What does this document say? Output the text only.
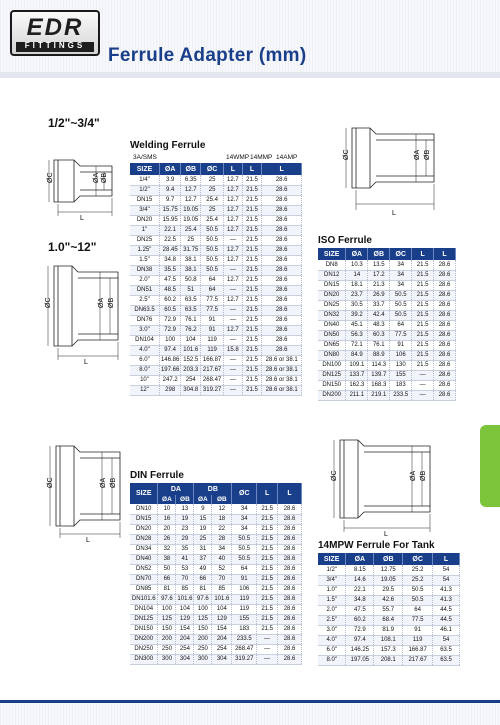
EDR
FITTINGS	Ferrule Adapter (mm)
1/2"~3/4"
1.0"~12"
ØC	ØA ØB
L
ØC	ØA ØB
L
ØC	ØA ØB
L
ØC	ØA ØB
L
ØC	ØA ØB
L
Welding Ferrule
3A/SMS	14WMP 14MMP 14AMP
SIZE	ØA	ØB	ØC	L	L	L
1/4"	3.9	6.35	25	12.7	21.5	28.6
1/2"	9.4	12.7	25	12.7	21.5	28.6
DN15	9.7	12.7	25.4	12.7	21.5	28.6
3/4"	15.75	19.05	25	12.7	21.5	28.6
DN20	15.95	19.05	25.4	12.7	21.5	28.6
1"	22.1	25.4	50.5	12.7	21.5	28.6
DN25	22.5	25	50.5	—	21.5	28.6
1.25"	28.45	31.75	50.5	12.7	21.5	28.6
1.5"	34.8	38.1	50.5	12.7	21.5	28.6
DN38	35.5	38.1	50.5	—	21.5	28.6
2.0"	47.5	50.8	64	12.7	21.5	28.6
DN51	48.5	51	64	—	21.5	28.6
2.5"	60.2	63.5	77.5	12.7	21.5	28.6
DN63.5	60.5	63.5	77.5	—	21.5	28.6
DN76	72.9	76.1	91	—	21.5	28.6
3.0"	72.9	76.2	91	12.7	21.5	28.6
DN104	100	104	119	—	21.5	28.6
4.0"	97.4	101.6	119	15.8	21.5	28.6
6.0"	146.86	152.5	166.87	—	21.5	28.6 or 38.1
8.0"	197.66	203.3	217.67	—	21.5	28.6 or 38.1
10"	247.2	254	268.47	—	21.5	28.6 or 38.1
12"	298	304.8	319.27	—	21.5	28.6 or 38.1
ISO Ferrule
SIZE	ØA	ØB	ØC	L	L
DN8	10.3	13.5	34	21.5	28.6
DN12	14	17.2	34	21.5	28.6
DN15	18.1	21.3	34	21.5	28.6
DN20	23.7	26.9	50.5	21.5	28.6
DN25	30.5	33.7	50.5	21.5	28.6
DN32	39.2	42.4	50.5	21.5	28.6
DN40	45.1	48.3	64	21.5	28.6
DN50	56.3	60.3	77.5	21.5	28.6
DN65	72.1	76.1	91	21.5	28.6
DN80	84.9	88.9	106	21.5	28.6
DN100	109.1	114.3	130	21.5	28.6
DN125	133.7	139.7	155	—	28.6
DN150	162.3	168.3	183	—	28.6
DN200	211.1	219.1	233.5	—	28.6
DIN Ferrule
SIZE	DA		DB		ØC	L	L
	ØA	ØB	ØA	ØB			
DN10	10	13	9	12	34	21.5	28.6
DN15	16	19	15	18	34	21.5	28.6
DN20	20	23	19	22	34	21.5	28.6
DN28	26	29	25	28	50.5	21.5	28.6
DN34	32	35	31	34	50.5	21.5	28.6
DN40	38	41	37	40	50.5	21.5	28.6
DN52	50	53	49	52	64	21.5	28.6
DN70	66	70	66	70	91	21.5	28.6
DN85	81	85	81	85	106	21.5	28.6
DN101.6	97.6	101.6	97.6	101.6	119	21.5	28.6
DN104	100	104	100	104	119	21.5	28.6
DN125	125	129	125	129	155	21.5	28.6
DN150	150	154	150	154	183	21.5	28.6
DN200	200	204	200	204	233.5	—	28.6
DN250	250	254	250	254	268.47	—	28.6
DN300	300	304	300	304	319.27	—	28.6
14MPW Ferrule For Tank
SIZE	ØA	ØB	ØC	L
1/2"	8.15	12.75	25.2	54
3/4"	14.6	19.05	25.2	54
1.0"	22.1	29.5	50.5	41.3
1.5"	34.8	42.6	50.5	41.3
2.0"	47.5	55.7	64	44.5
2.5"	60.2	68.4	77.5	44.5
3.0"	72.9	81.9	91	46.1
4.0"	97.4	108.1	119	54
6.0"	146.25	157.3	166.87	63.5
8.0"	197.05	208.1	217.67	63.5
